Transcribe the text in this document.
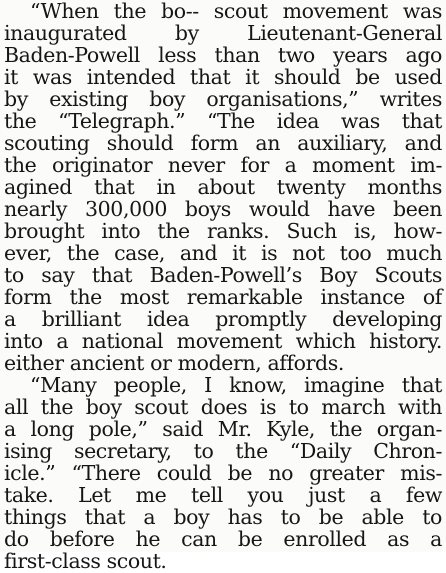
“When the bo-- scout movement was
inaugurated by Lieutenant-General
Baden-Powell less than two years ago
it was intended that it should be used
by existing boy organisations,” writes
the “Telegraph.” “The idea was that
scouting should form an auxiliary, and
the originator never for a moment im-
agined that in about twenty months
nearly 300,000 boys would have been
brought into the ranks. Such is, how-
ever, the case, and it is not too much
to say that Baden-Powell’s Boy Scouts
form the most remarkable instance of
a brilliant idea promptly developing
into a national movement which history.
either ancient or modern, affords.
“Many people, I know, imagine that
all the boy scout does is to march with
a long pole,” said Mr. Kyle, the organ-
ising secretary, to the “Daily Chron-
icle.” “There could be no greater mis-
take. Let me tell you just a few
things that a boy has to be able to
do before he can be enrolled as a
first-class scout.
